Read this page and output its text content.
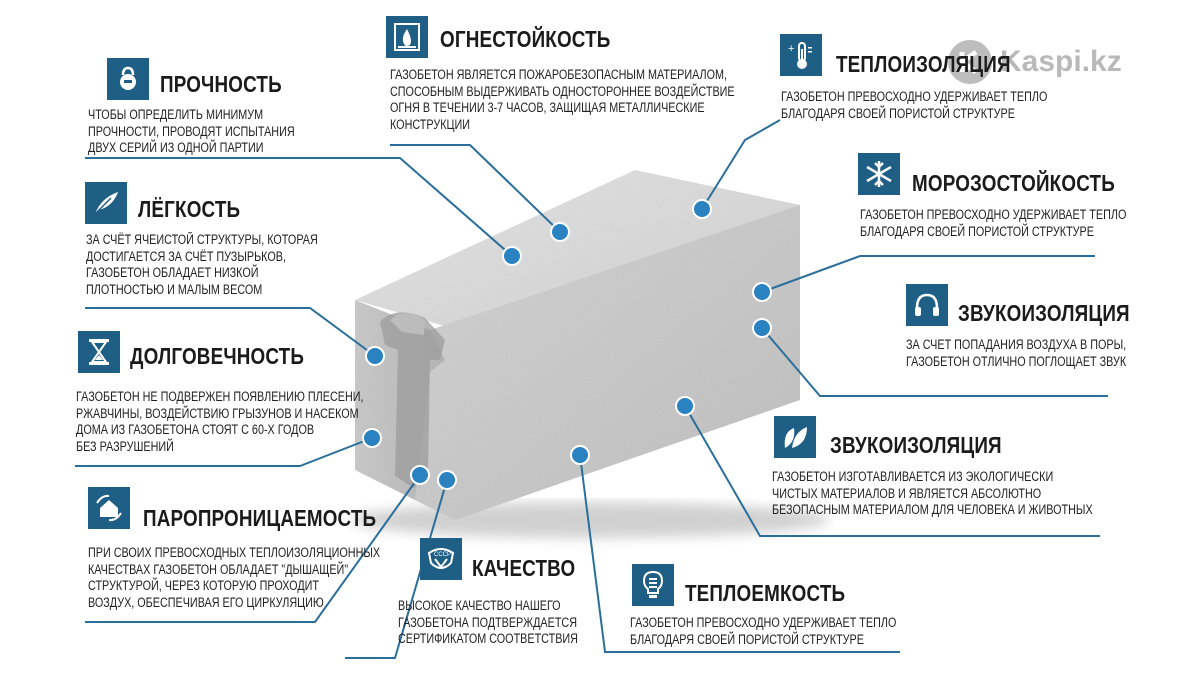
Kaspi.kz
ПРОЧНОСТЬ
ЧТОБЫ ОПРЕДЕЛИТЬ МИНИМУМ
ПРОЧНОСТИ, ПРОВОДЯТ ИСПЫТАНИЯ
ДВУХ СЕРИЙ ИЗ ОДНОЙ ПАРТИИ
ЛЁГКОСТЬ
ЗА СЧЁТ ЯЧЕИСТОЙ СТРУКТУРЫ, КОТОРАЯ
ДОСТИГАЕТСЯ ЗА СЧЁТ ПУЗЫРЬКОВ,
ГАЗОБЕТОН ОБЛАДАЕТ НИЗКОЙ
ПЛОТНОСТЬЮ И МАЛЫМ ВЕСОМ
ДОЛГОВЕЧНОСТЬ
ГАЗОБЕТОН НЕ ПОДВЕРЖЕН ПОЯВЛЕНИЮ ПЛЕСЕНИ,
РЖАВЧИНЫ, ВОЗДЕЙСТВИЮ ГРЫЗУНОВ И НАСЕКОМ
ДОМА ИЗ ГАЗОБЕТОНА СТОЯТ С 60-Х ГОДОВ
БЕЗ РАЗРУШЕНИЙ
ПАРОПРОНИЦАЕМОСТЬ
ПРИ СВОИХ ПРЕВОСХОДНЫХ ТЕПЛОИЗОЛЯЦИОННЫХ
КАЧЕСТВАХ ГАЗОБЕТОН ОБЛАДАЕТ "ДЫШАЩЕЙ"
СТРУКТУРОЙ, ЧЕРЕЗ КОТОРУЮ ПРОХОДИТ
ВОЗДУХ, ОБЕСПЕЧИВАЯ ЕГО ЦИРКУЛЯЦИЮ
ОГНЕСТОЙКОСТЬ
ГАЗОБЕТОН ЯВЛЯЕТСЯ ПОЖАРОБЕЗОПАСНЫМ МАТЕРИАЛОМ,
СПОСОБНЫМ ВЫДЕРЖИВАТЬ ОДНОСТОРОННЕЕ ВОЗДЕЙСТВИЕ
ОГНЯ В ТЕЧЕНИИ 3-7 ЧАСОВ, ЗАЩИЩАЯ МЕТАЛЛИЧЕСКИЕ
КОНСТРУКЦИИ
+
ТЕПЛОИЗОЛЯЦИЯ
ГАЗОБЕТОН ПРЕВОСХОДНО УДЕРЖИВАЕТ ТЕПЛО
БЛАГОДАРЯ СВОЕЙ ПОРИСТОЙ СТРУКТУРЕ
МОРОЗОСТОЙКОСТЬ
ГАЗОБЕТОН ПРЕВОСХОДНО УДЕРЖИВАЕТ ТЕПЛО
БЛАГОДАРЯ СВОЕЙ ПОРИСТОЙ СТРУКТУРЕ
ЗВУКОИЗОЛЯЦИЯ
ЗА СЧЕТ ПОПАДАНИЯ ВОЗДУХА В ПОРЫ,
ГАЗОБЕТОН ОТЛИЧНО ПОГЛОЩАЕТ ЗВУК
ЗВУКОИЗОЛЯЦИЯ
ГАЗОБЕТОН ИЗГОТАВЛИВАЕТСЯ ИЗ ЭКОЛОГИЧЕСКИ
ЧИСТЫХ МАТЕРИАЛОВ И ЯВЛЯЕТСЯ АБСОЛЮТНО
БЕЗОПАСНЫМ МАТЕРИАЛОМ ДЛЯ ЧЕЛОВЕКА И ЖИВОТНЫХ
СССР КАЧЕСТВО
ВЫСОКОЕ КАЧЕСТВО НАШЕГО
ГАЗОБЕТОНА ПОДТВЕРЖДАЕТСЯ
СЕРТИФИКАТОМ СООТВЕТСТВИЯ
ТЕПЛОЕМКОСТЬ
ГАЗОБЕТОН ПРЕВОСХОДНО УДЕРЖИВАЕТ ТЕПЛО
БЛАГОДАРЯ СВОЕЙ ПОРИСТОЙ СТРУКТУРЕ
